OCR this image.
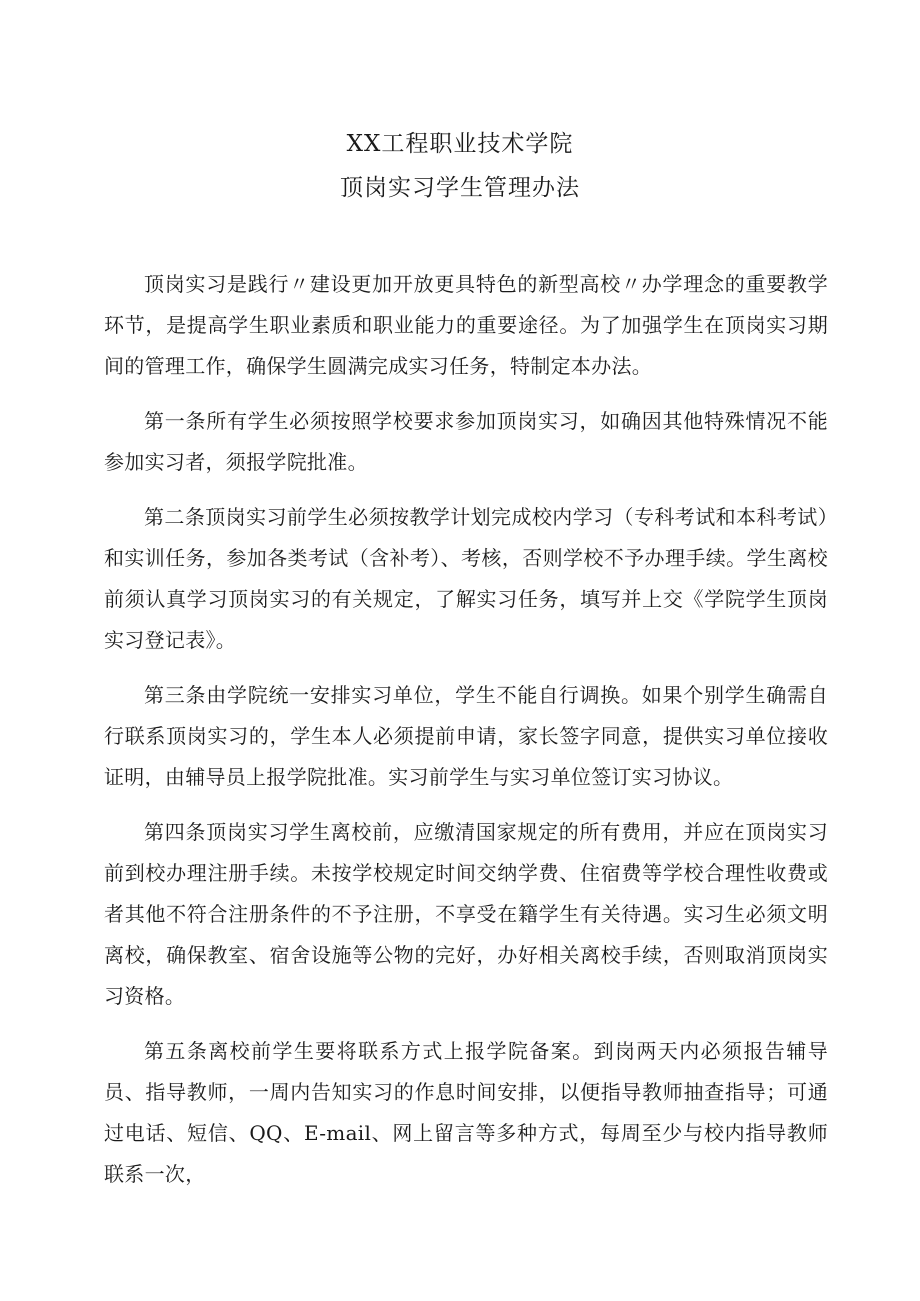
XX工程职业技术学院
顶岗实习学生管理办法

顶岗实习是践行〃建设更加开放更具特色的新型高校〃办学理念的重要教学环节，是提高学生职业素质和职业能力的重要途径。为了加强学生在顶岗实习期间的管理工作，确保学生圆满完成实习任务，特制定本办法。

第一条所有学生必须按照学校要求参加顶岗实习，如确因其他特殊情况不能参加实习者，须报学院批准。

第二条顶岗实习前学生必须按教学计划完成校内学习（专科考试和本科考试）和实训任务，参加各类考试（含补考）、考核，否则学校不予办理手续。学生离校前须认真学习顶岗实习的有关规定，了解实习任务，填写并上交《学院学生顶岗实习登记表》。

第三条由学院统一安排实习单位，学生不能自行调换。如果个别学生确需自行联系顶岗实习的，学生本人必须提前申请，家长签字同意，提供实习单位接收证明，由辅导员上报学院批准。实习前学生与实习单位签订实习协议。

第四条顶岗实习学生离校前，应缴清国家规定的所有费用，并应在顶岗实习前到校办理注册手续。未按学校规定时间交纳学费、住宿费等学校合理性收费或者其他不符合注册条件的不予注册，不享受在籍学生有关待遇。实习生必须文明离校，确保教室、宿舍设施等公物的完好，办好相关离校手续，否则取消顶岗实习资格。

第五条离校前学生要将联系方式上报学院备案。到岗两天内必须报告辅导员、指导教师，一周内告知实习的作息时间安排，以便指导教师抽查指导；可通过电话、短信、QQ、E-mail、网上留言等多种方式，每周至少与校内指导教师联系一次，
